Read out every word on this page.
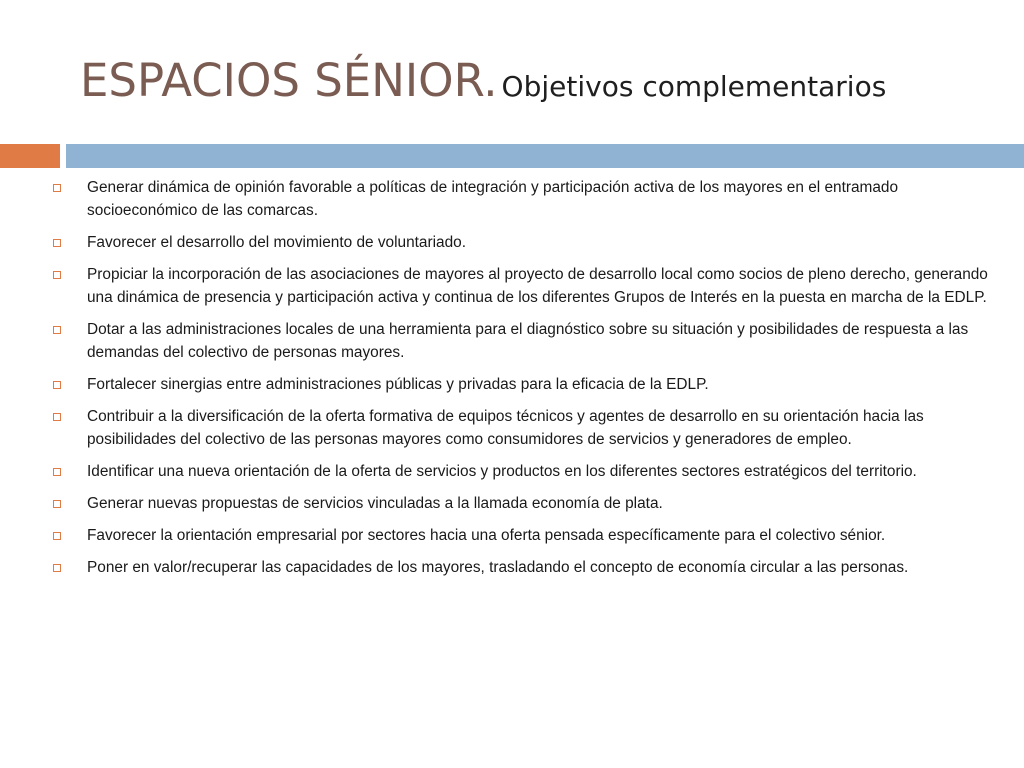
ESPACIOS SÉNIOR. Objetivos complementarios
Generar dinámica de opinión favorable a políticas de integración y participación activa de los mayores en el entramado socioeconómico de las comarcas.
Favorecer el desarrollo del movimiento de voluntariado.
Propiciar la incorporación de las asociaciones de mayores al proyecto de desarrollo local como socios de pleno derecho, generando una dinámica de presencia y participación activa y continua de los diferentes Grupos de Interés en la puesta en marcha de la EDLP.
Dotar a las administraciones locales de una herramienta para el diagnóstico sobre su situación y posibilidades de respuesta a las demandas del colectivo de personas mayores.
Fortalecer sinergias entre administraciones públicas y privadas para la eficacia de la EDLP.
Contribuir a la diversificación de la oferta formativa de equipos técnicos y agentes de desarrollo en su orientación hacia las posibilidades del colectivo de las personas mayores como consumidores de servicios y generadores de empleo.
Identificar una nueva orientación de la oferta de servicios y productos en los diferentes sectores estratégicos del territorio.
Generar nuevas propuestas de servicios vinculadas a la llamada economía de plata.
Favorecer la orientación empresarial por sectores hacia una oferta pensada específicamente para el colectivo sénior.
Poner en valor/recuperar las capacidades de los mayores, trasladando el concepto de economía circular a las personas.
